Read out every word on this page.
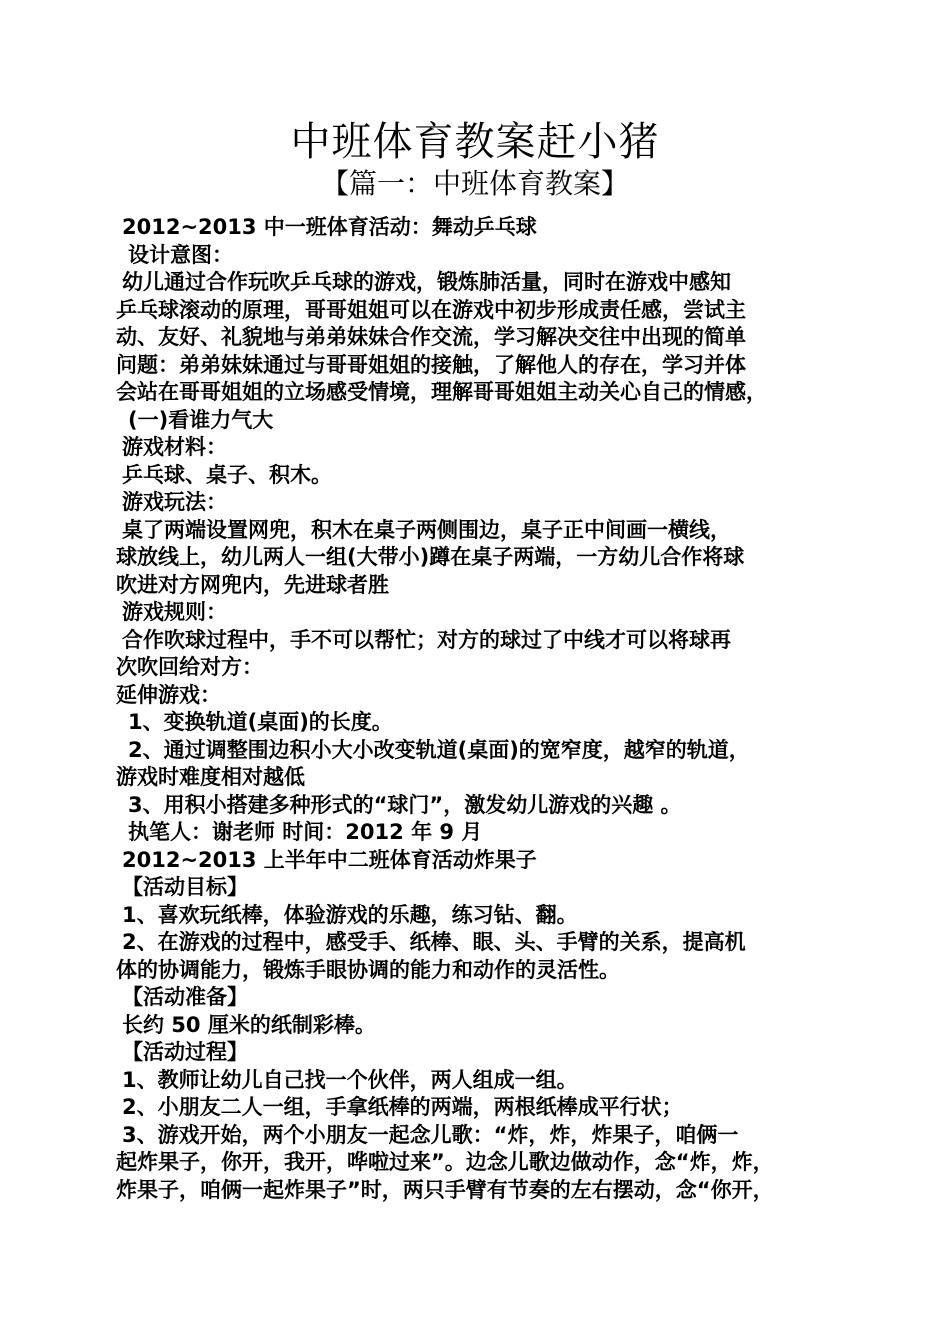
中班体育教案赶小猪
【篇一：中班体育教案】
2012~2013 中一班体育活动：舞动乒乓球
设计意图：
幼儿通过合作玩吹乒乓球的游戏，锻炼肺活量，同时在游戏中感知
乒乓球滚动的原理，哥哥姐姐可以在游戏中初步形成责任感，尝试主
动、友好、礼貌地与弟弟妹妹合作交流，学习解决交往中出现的简单
问题：弟弟妹妹通过与哥哥姐姐的接触，了解他人的存在，学习并体
会站在哥哥姐姐的立场感受情境，理解哥哥姐姐主动关心自己的情感，
(一)看谁力气大
游戏材料：
乒乓球、桌子、积木。
游戏玩法：
桌了两端设置网兜，积木在桌子两侧围边，桌子正中间画一横线，
球放线上，幼儿两人一组(大带小)蹲在桌子两端，一方幼儿合作将球
吹进对方网兜内，先进球者胜
游戏规则：
合作吹球过程中，手不可以帮忙；对方的球过了中线才可以将球再
次吹回给对方：
延伸游戏：
1、变换轨道(桌面)的长度。
2、通过调整围边积小大小改变轨道(桌面)的宽窄度，越窄的轨道，
游戏时难度相对越低
3、用积小搭建多种形式的“球门”，激发幼儿游戏的兴趣 。
执笔人：谢老师 时间：2012 年 9 月
2012~2013 上半年中二班体育活动炸果子
【活动目标】
1、喜欢玩纸棒，体验游戏的乐趣，练习钻、翻。
2、在游戏的过程中，感受手、纸棒、眼、头、手臂的关系，提高机
体的协调能力，锻炼手眼协调的能力和动作的灵活性。
【活动准备】
长约 50 厘米的纸制彩棒。
【活动过程】
1、教师让幼儿自己找一个伙伴，两人组成一组。
2、小朋友二人一组，手拿纸棒的两端，两根纸棒成平行状；
3、游戏开始，两个小朋友一起念儿歌：“炸，炸，炸果子，咱俩一
起炸果子，你开，我开，哗啦过来”。边念儿歌边做动作，念“炸，炸，
炸果子，咱俩一起炸果子”时，两只手臂有节奏的左右摆动，念“你开，
